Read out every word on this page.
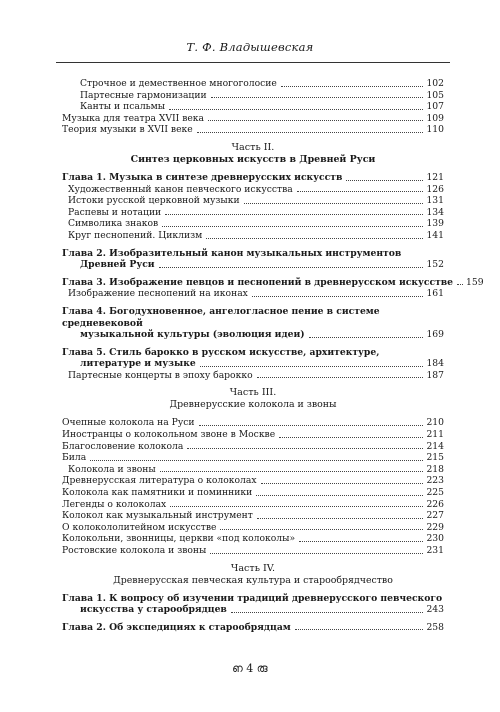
Т. Ф. Владышевская
Строчное и демественное многоголосие	102
Партесные гармонизации	105
Канты и псальмы	107
Музыка для театра XVII века	109
Теория музыки в XVII веке	110
Часть II.
Синтез церковных искусств в Древней Руси
Глава 1. Музыка в синтезе древнерусских искусств	121
Художественный канон певческого искусства	126
Истоки русской церковной музыки	131
Распевы и нотации	134
Символика знаков	139
Круг песнопений. Циклизм	141
Глава 2. Изобразительный канон музыкальных инструментов
Древней Руси	152
Глава 3. Изображение певцов и песнопений в древнерусском искусстве 159
Изображение песнопений на иконах	161
Глава 4. Богодухновенное, ангелогласное пение в системе средневековой
музыкальной культуры (эволюция идеи)	169
Глава 5. Стиль барокко в русском искусстве, архитектуре,
литературе и музыке	184
Партесные концерты в эпоху барокко	187
Часть III.
Древнерусские колокола и звоны
Очепные колокола на Руси	210
Иностранцы о колокольном звоне в Москве	211
Благословение колокола	214
Била	215
Колокола и звоны	218
Древнерусская литература о колоколах	223
Колокола как памятники и поминники	225
Легенды о колоколах	226
Колокол как музыкальный инструмент	227
О колокололитейном искусстве	229
Колокольни, звонницы, церкви «под колоколы»	230
Ростовские колокола и звоны	231
Часть IV.
Древнерусская певческая культура и старообрядчество
Глава 1. К вопросу об изучении традиций древнерусского певческого
искусства у старообрядцев	243
Глава 2. Об экспедициях к старообрядцам	258
ഩ 4 രു
